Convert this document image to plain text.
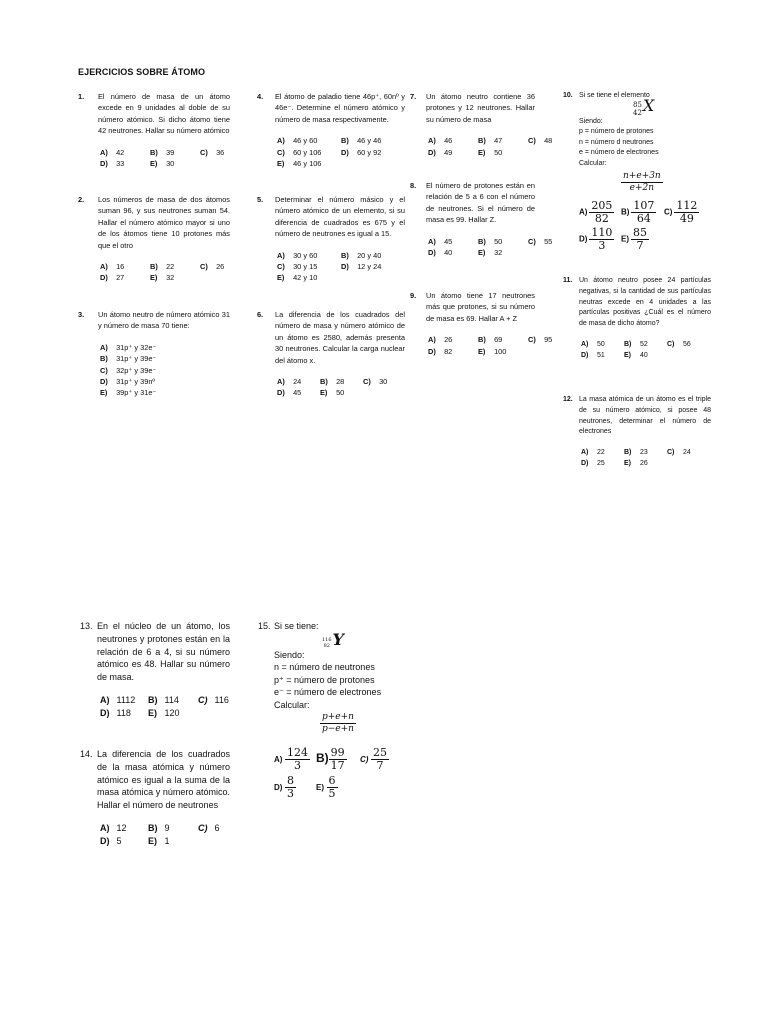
EJERCICIOS SOBRE ÁTOMO
1. El número de masa de un átomo excede en 9 unidades al doble de su número atómico. Si dicho átomo tiene 42 neutrones. Hallar su número atómico
A) 42	B) 39	C) 36
D) 33	E) 30
2. Los números de masa de dos átomos suman 96, y sus neutrones suman 54. Hallar el número atómico mayor si uno de los átomos tiene 10 protones más que el otro
A) 16	B) 22	C) 26
D) 27	E) 32
3. Un átomo neutro de número atómico 31 y número de masa 70 tiene:
A) 31p⁺ y 32e⁻
B) 31p⁺ y 39e⁻
C) 32p⁺ y 39e⁻
D) 31p⁺ y 39nº
E) 39p⁺ y 31e⁻
4. El átomo de paladio tiene 46p⁺, 60nº y 46e⁻. Determine el número atómico y número de masa respectivamente.
A) 46 y 60	B) 46 y 46
C) 60 y 106	D) 60 y 92
E) 46 y 106
5. Determinar el número másico y el número atómico de un elemento, si su diferencia de cuadrados es 675 y el número de neutrones es igual a 15.
A) 30 y 60	B) 20 y 40
C) 30 y 15	D) 12 y 24
E) 42 y 10
6. La diferencia de los cuadrados del número de masa y número atómico de un átomo es 2580, además presenta 30 neutrones. Calcular la carga nuclear del átomo x.
A) 24	B) 28	C) 30
D) 45	E) 50
7. Un átomo neutro contiene 36 protones y 12 neutrones. Hallar su número de masa
A) 46	B) 47	C) 48
D) 49	E) 50
8. El número de protones están en relación de 5 a 6 con el número de neutrones. Si el número de masa es 99. Hallar Z.
A) 45	B) 50	C) 55
D) 40	E) 32
9. Un átomo tiene 17 neutrones más que protones, si su número de masa es 69. Hallar A + Z
A) 26	B) 69	C) 95
D) 82	E) 100
10. Si se tiene el elemento
85
42 X
Siendo:
p = número de protones
n = número d neutrones
e = número de electrones
Calcular:
$\frac{n+e+3n}{e+2n}$
$A) \frac{205}{82} B) \frac{107}{64} C) \frac{112}{49}$
$D) \frac{110}{3} E) \frac{85}{7}$
11. Un átomo neutro posee 24 partículas negativas, si la cantidad de sus partículas neutras excede en 4 unidades a las partículas positivas ¿Cuál es el número de masa de dicho átomo?
A) 50	B) 52	C) 56
D) 51	E) 40
12. La masa atómica de un átomo es el triple de su número atómico, si posee 48 neutrones, determinar el número de electrones
A) 22	B) 23	C) 24
D) 25	E) 26
13. En el núcleo de un átomo, los neutrones y protones están en la relación de 6 a 4, si su número atómico es 48. Hallar su número de masa.
A) 1112	B) 114	C) 116
D) 118	E) 120
14. La diferencia de los cuadrados de la masa atómica y número atómico es igual a la suma de la masa atómica y número atómico. Hallar el número de neutrones
A) 12	B) 9	C) 6
D) 5	E) 1
15. Si se tiene:
116
82 Y
Siendo:
n = número de neutrones
p⁺ = número de protones
e⁻ = número de electrones
Calcular:
$\frac{p+e+n}{p-e+n}$
$A) \frac{124}{3} B) \frac{99}{17} C) \frac{25}{7}$
$D) \frac{8}{3}$	$E) \frac{6}{5}$
